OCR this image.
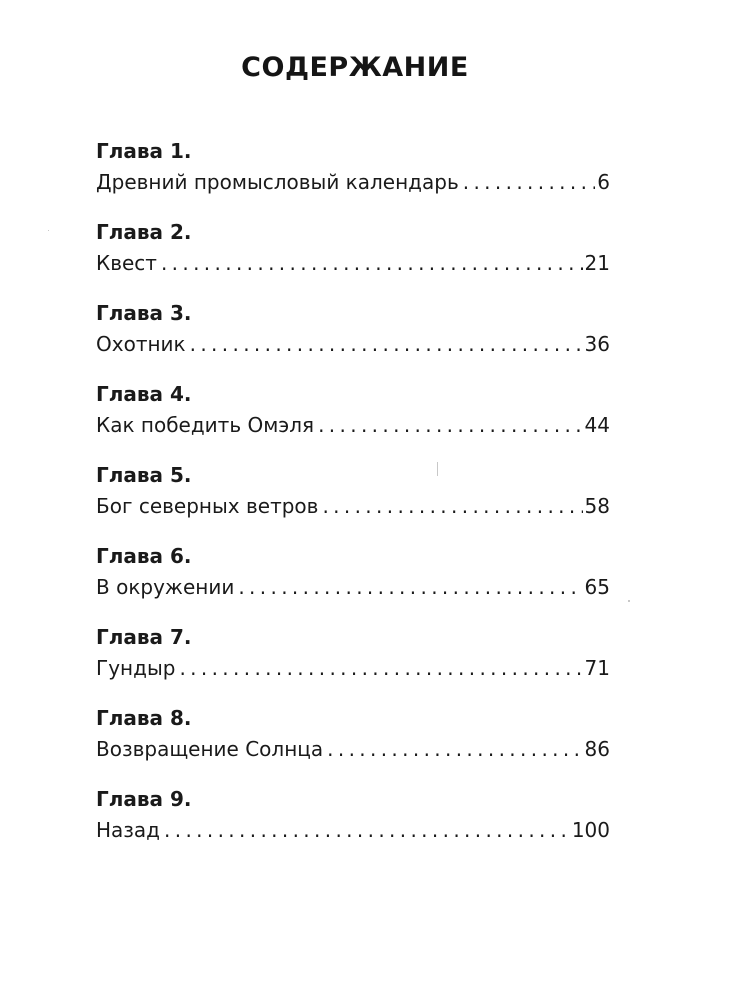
СОДЕРЖАНИЕ
Глава 1.
Древний промысловый календарь . . .	6
Глава 2.
Квест . . .	21
Глава 3.
Охотник . . .	36
Глава 4.
Как победить Омэля . . .	44
Глава 5.
Бог северных ветров . . .	58
Глава 6.
В окружении . . .	65
Глава 7.
Гундыр . . .	71
Глава 8.
Возвращение Солнца . . .	86
Глава 9.
Назад . . .	100
